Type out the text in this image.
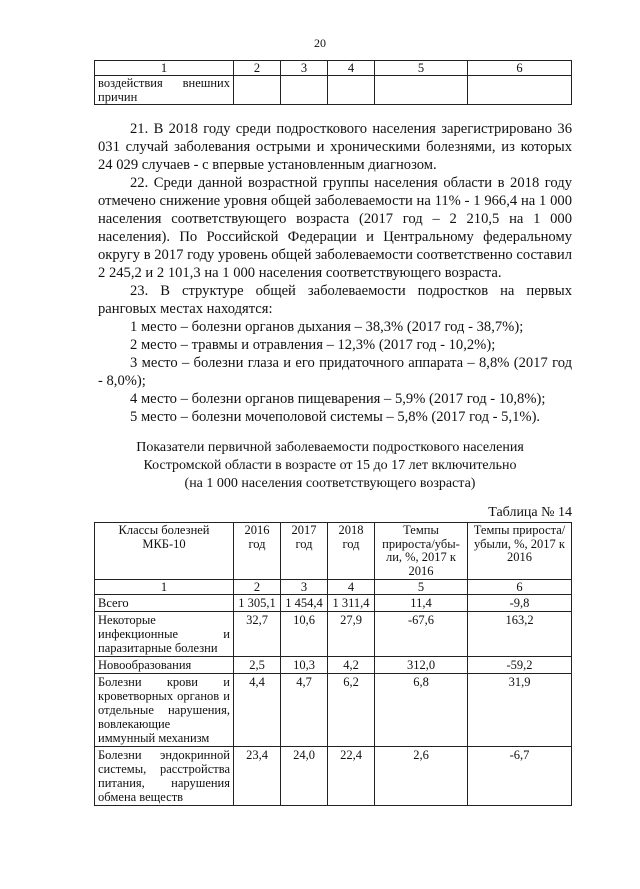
20
1	2	3	4	5	6

воздействия внешних
причин					

21. В 2018 году среди подросткового населения зарегистрировано 36 031 случай заболевания острыми и хроническими болезнями, из которых 24 029 случаев - с впервые установленным диагнозом.

22. Среди данной возрастной группы населения области в 2018 году отмечено снижение уровня общей заболеваемости на 11% - 1 966,4 на 1 000 населения соответствующего возраста (2017 год – 2 210,5 на 1 000 населения). По Российской Федерации и Центральному федеральному округу в 2017 году уровень общей заболеваемости соответственно составил 2 245,2 и 2 101,3 на 1 000 населения соответствующего возраста.

23. В структуре общей заболеваемости подростков на первых ранговых местах находятся:

1 место – болезни органов дыхания – 38,3% (2017 год - 38,7%);

2 место – травмы и отравления – 12,3% (2017 год - 10,2%);

3 место – болезни глаза и его придаточного аппарата – 8,8% (2017 год - 8,0%);

4 место – болезни органов пищеварения – 5,9% (2017 год - 10,8%);

5 место – болезни мочеполовой системы – 5,8% (2017 год - 5,1%).

Показатели первичной заболеваемости подросткового населения
Костромской области в возрасте от 15 до 17 лет включительно
(на 1 000 населения соответствующего возраста)
Таблица № 14
Классы болезней МКБ-10	2016 год	2017 год	2018 год	Темпы прироста/убы-ли, %, 2017 к 2016	Темпы прироста/убыли, %, 2017 к 2016
1	2	3	4	5	6
Всего	1 305,1	1 454,4	1 311,4	11,4	-9,8
Некоторые инфекционные и паразитарные болезни	32,7	10,6	27,9	-67,6	163,2
Новообразования	2,5	10,3	4,2	312,0	-59,2
Болезни крови и кроветворных органов и отдельные нарушения, вовлекающие иммунный механизм	4,4	4,7	6,2	6,8	31,9
Болезни эндокринной системы, расстройства питания, нарушения обмена веществ	23,4	24,0	22,4	2,6	-6,7
